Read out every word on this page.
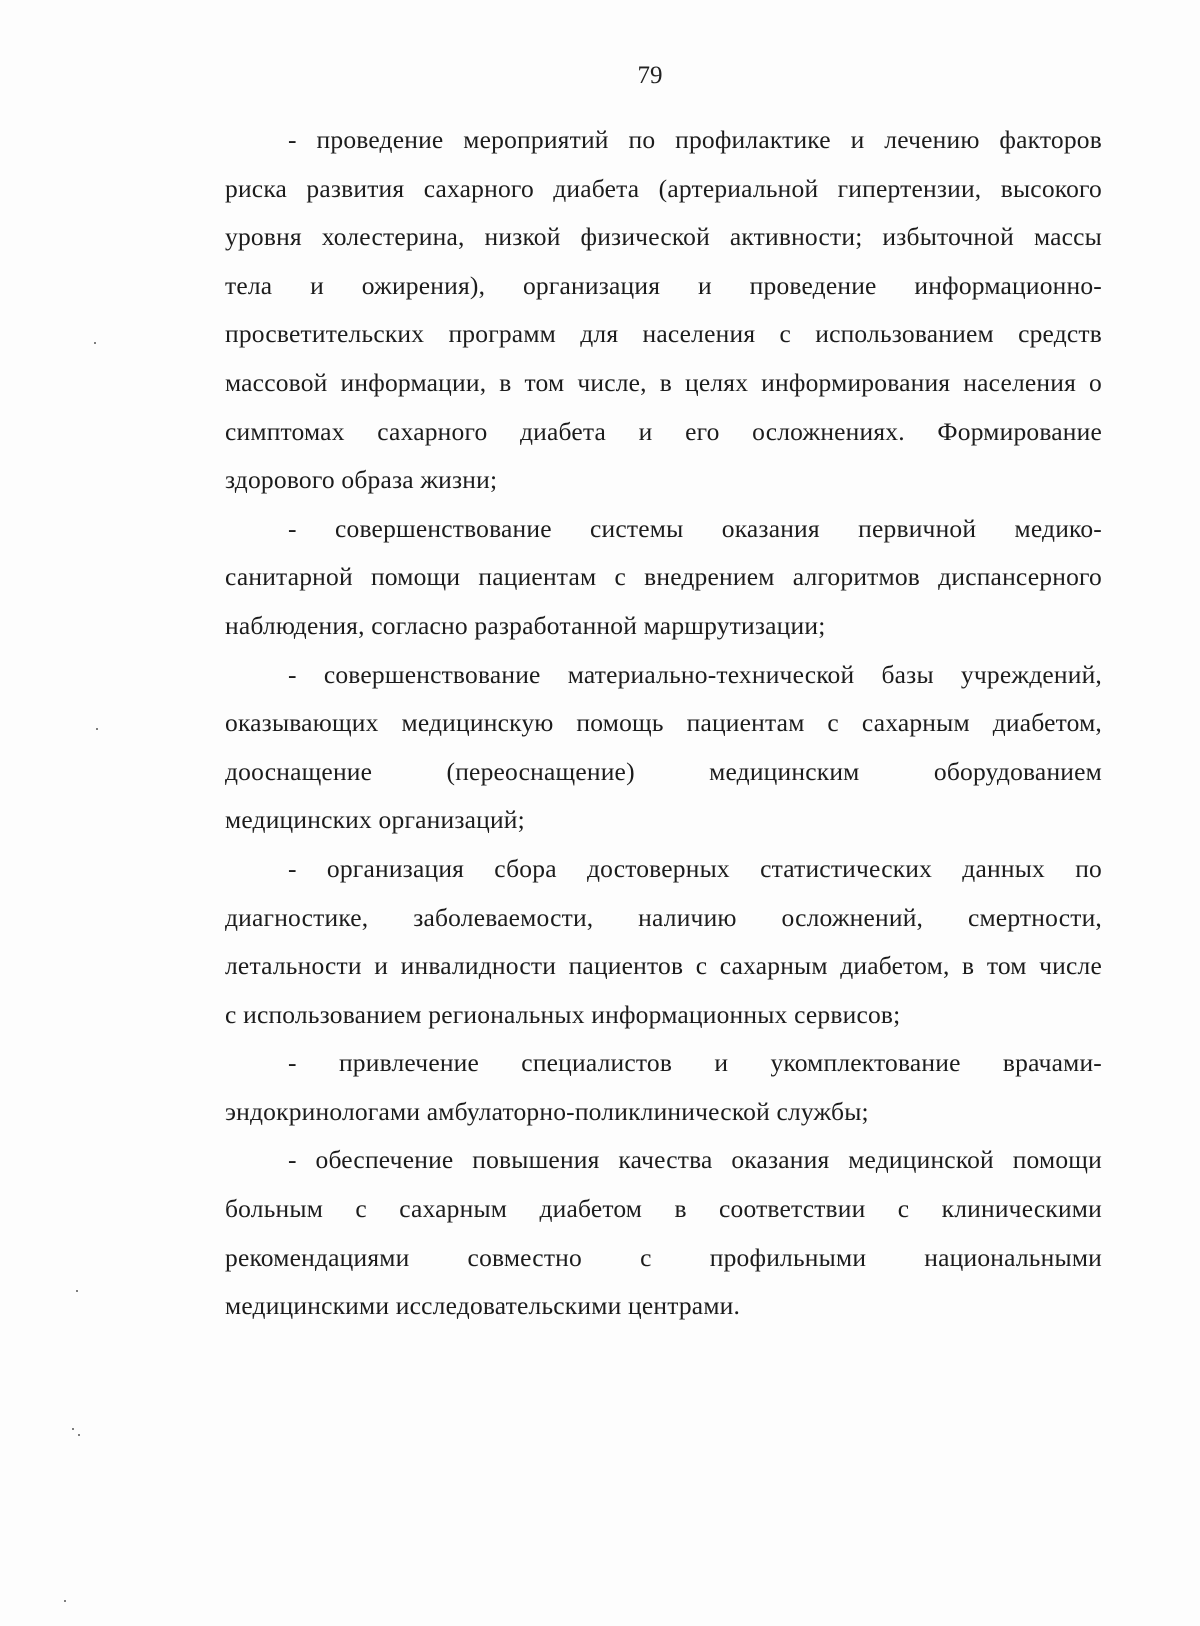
79

- проведение мероприятий по профилактике и лечению факторов
риска развития сахарного диабета (артериальной гипертензии, высокого
уровня холестерина, низкой физической активности; избыточной массы
тела и ожирения), организация и проведение информационно-
просветительских программ для населения с использованием средств
массовой информации, в том числе, в целях информирования населения о
симптомах сахарного диабета и его осложнениях. Формирование
здорового образа жизни;

- совершенствование системы оказания первичной медико-
санитарной помощи пациентам с внедрением алгоритмов диспансерного
наблюдения, согласно разработанной маршрутизации;

- совершенствование материально-технической базы учреждений,
оказывающих медицинскую помощь пациентам с сахарным диабетом,
дооснащение (переоснащение) медицинским оборудованием
медицинских организаций;

- организация сбора достоверных статистических данных по
диагностике, заболеваемости, наличию осложнений, смертности,
летальности и инвалидности пациентов с сахарным диабетом, в том числе
с использованием региональных информационных сервисов;

- привлечение специалистов и укомплектование врачами-
эндокринологами амбулаторно-поликлинической службы;

- обеспечение повышения качества оказания медицинской помощи
больным с сахарным диабетом в соответствии с клиническими
рекомендациями совместно с профильными национальными
медицинскими исследовательскими центрами.
